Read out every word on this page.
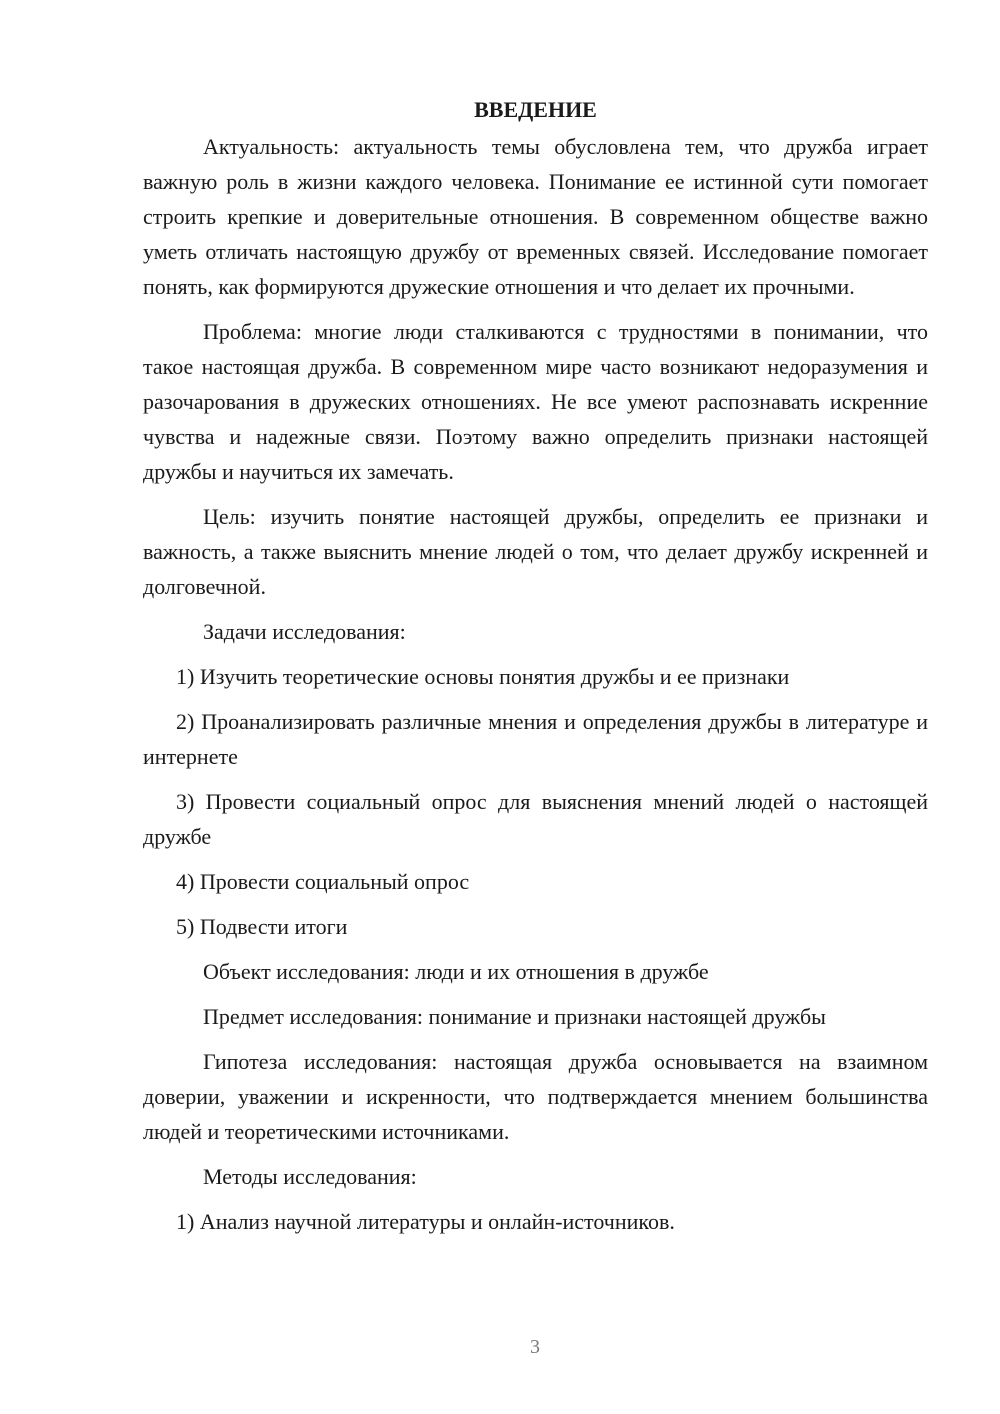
ВВЕДЕНИЕ

Актуальность: актуальность темы обусловлена тем, что дружба играет важную роль в жизни каждого человека. Понимание ее истинной сути помогает строить крепкие и доверительные отношения. В современном обществе важно уметь отличать настоящую дружбу от временных связей. Исследование помогает понять, как формируются дружеские отношения и что делает их прочными.

Проблема: многие люди сталкиваются с трудностями в понимании, что такое настоящая дружба. В современном мире часто возникают недоразумения и разочарования в дружеских отношениях. Не все умеют распознавать искренние чувства и надежные связи. Поэтому важно определить признаки настоящей дружбы и научиться их замечать.

Цель: изучить понятие настоящей дружбы, определить ее признаки и важность, а также выяснить мнение людей о том, что делает дружбу искренней и долговечной.

Задачи исследования:

1) Изучить теоретические основы понятия дружбы и ее признаки

2) Проанализировать различные мнения и определения дружбы в литературе и интернете

3) Провести социальный опрос для выяснения мнений людей о настоящей дружбе

4) Провести социальный опрос

5) Подвести итоги

Объект исследования: люди и их отношения в дружбе

Предмет исследования: понимание и признаки настоящей дружбы

Гипотеза исследования: настоящая дружба основывается на взаимном доверии, уважении и искренности, что подтверждается мнением большинства людей и теоретическими источниками.

Методы исследования:

1) Анализ научной литературы и онлайн-источников.

3
